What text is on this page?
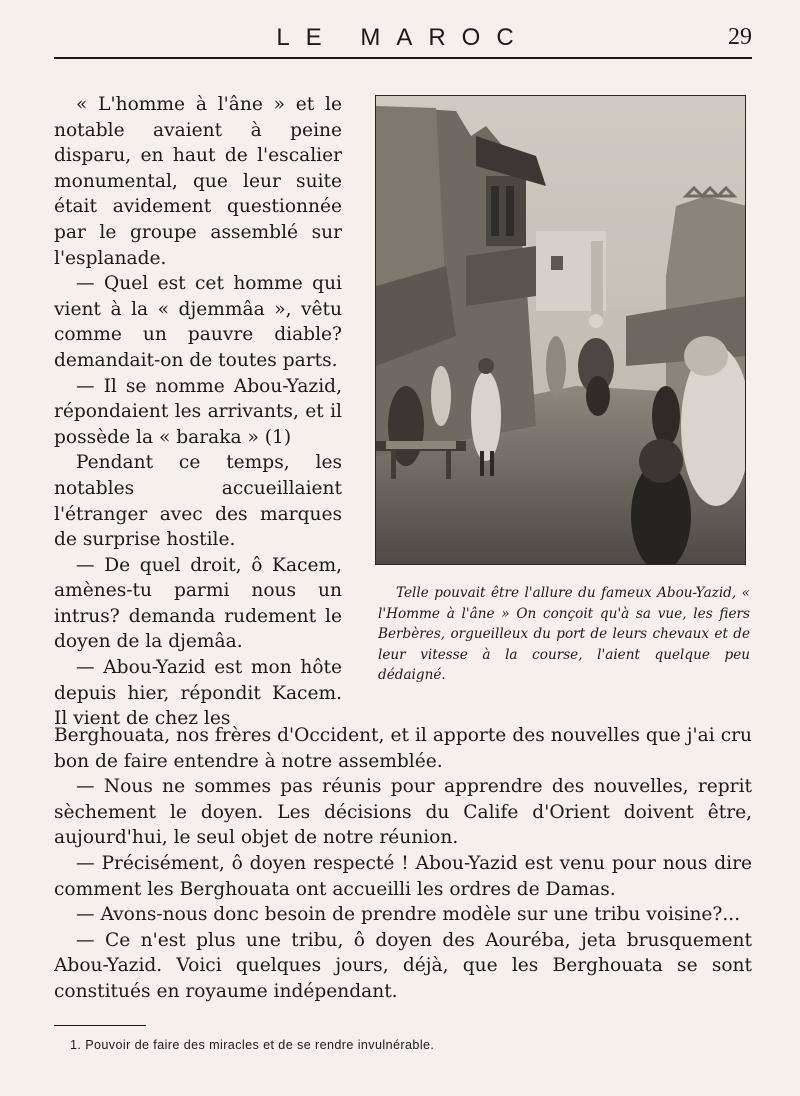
LE MAROC	29

« L'homme à l'âne » et le notable avaient à peine disparu, en haut de l'escalier monumental, que leur suite était avidement questionnée par le groupe assemblé sur l'esplanade.

— Quel est cet homme qui vient à la « djemmâa », vêtu comme un pauvre diable? demandait-on de toutes parts.

— Il se nomme Abou-Yazid, répondaient les arrivants, et il possède la « baraka » (1)

Pendant ce temps, les notables accueillaient l'étranger avec des marques de surprise hostile.

— De quel droit, ô Kacem, amènes-tu parmi nous un intrus? demanda rudement le doyen de la djemâa.

— Abou-Yazid est mon hôte depuis hier, répondit Kacem. Il vient de chez les

Telle pouvait être l'allure du fameux Abou-Yazid, « l'Homme à l'âne » On conçoit qu'à sa vue, les fiers Berbères, orgueilleux du port de leurs chevaux et de leur vitesse à la course, l'aient quelque peu dédaigné.

Berghouata, nos frères d'Occident, et il apporte des nouvelles que j'ai cru bon de faire entendre à notre assemblée.

— Nous ne sommes pas réunis pour apprendre des nouvelles, reprit sèchement le doyen. Les décisions du Calife d'Orient doivent être, aujourd'hui, le seul objet de notre réunion.

— Précisément, ô doyen respecté ! Abou-Yazid est venu pour nous dire comment les Berghouata ont accueilli les ordres de Damas.

— Avons-nous donc besoin de prendre modèle sur une tribu voisine?...

— Ce n'est plus une tribu, ô doyen des Aouréba, jeta brusquement Abou-Yazid. Voici quelques jours, déjà, que les Berghouata se sont constitués en royaume indépendant.

1. Pouvoir de faire des miracles et de se rendre invulnérable.
